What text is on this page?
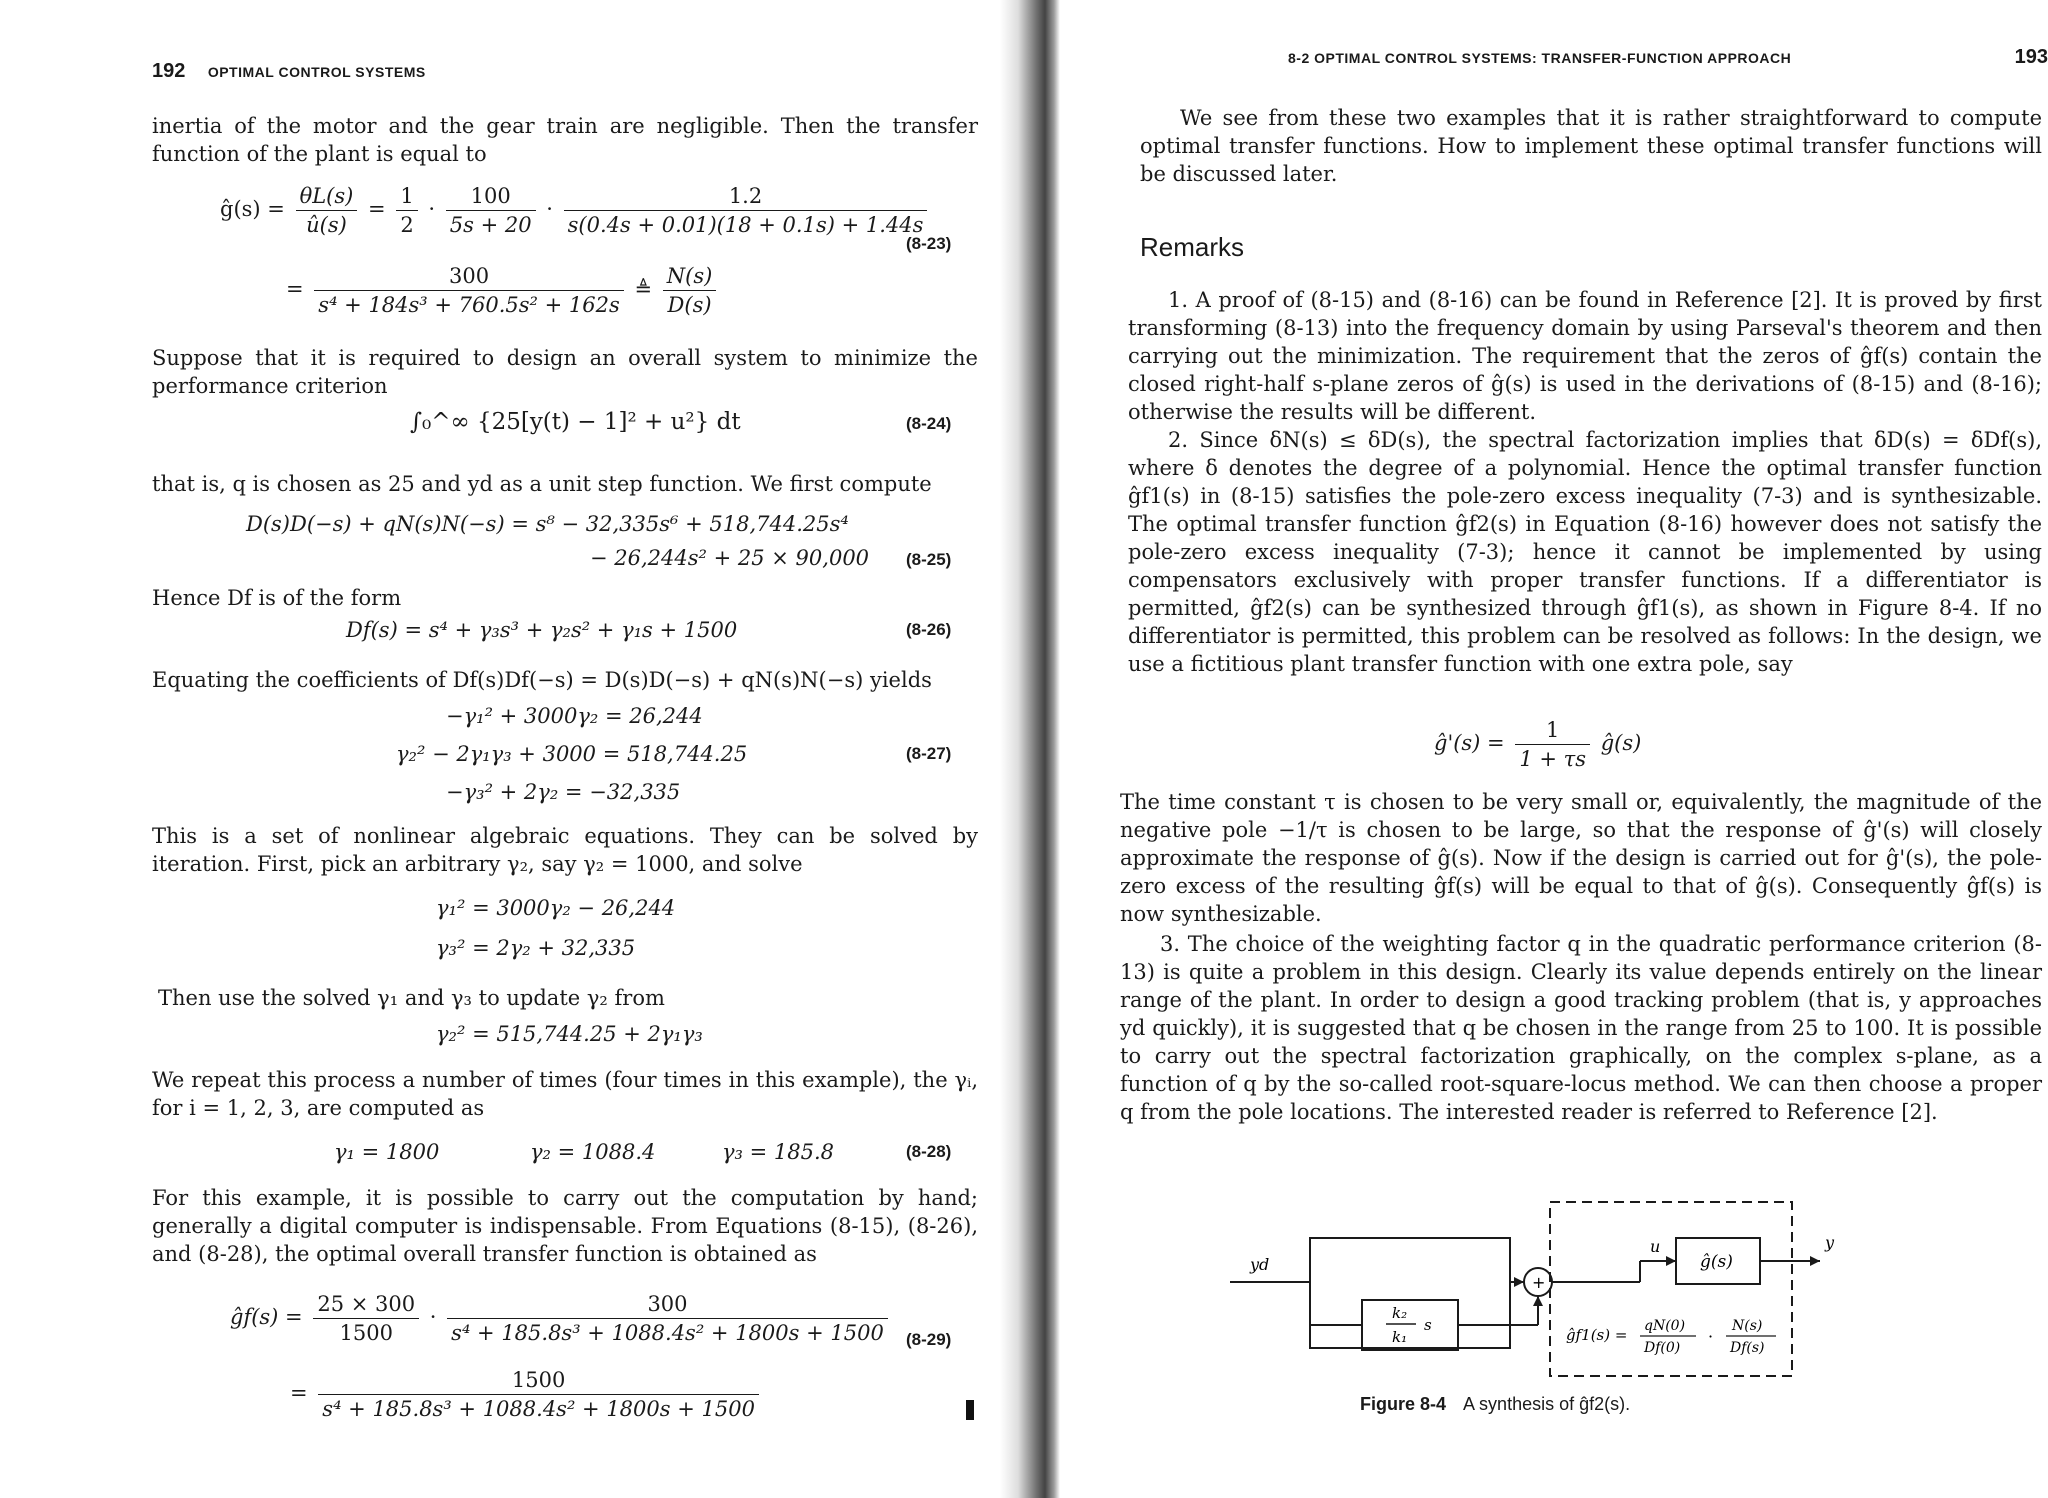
192 OPTIMAL CONTROL SYSTEMS
inertia of the motor and the gear train are negligible. Then the transfer function of the plant is equal to
ĝ(s) = $\frac{\theta L(s)}{û(s)} = \frac{1}{2} \cdot \frac{100}{5s + 20} \cdot \frac{1.2}{s(0.4s + 0.01)(18 + 0.1s) + 1.44s}$
(8-23)
= $\frac{300}{\text{s⁴ + 184s³ + 760.5s² + 162s}}$ ≜ $\frac{N(s)}{D(s)}$
Suppose that it is required to design an overall system to minimize the performance criterion
∫₀^∞ {25[y(t) − 1]² + u²} dt	(8-24)
that is, q is chosen as 25 and yd as a unit step function. We first compute
D(s)D(−s) + qN(s)N(−s) = s⁸ − 32,335s⁶ + 518,744.25s⁴
− 26,244s² + 25 × 90,000 (8-25)
Hence Df is of the form
Df(s) = s⁴ + γ₃s³ + γ₂s² + γ₁s + 1500	(8-26)
Equating the coefficients of Df(s)Df(−s) = D(s)D(−s) + qN(s)N(−s) yields
−γ₁² + 3000γ₂ = 26,244
γ₂² − 2γ₁γ₃ + 3000 = 518,744.25	(8-27)
−γ₃² + 2γ₂ = −32,335
This is a set of nonlinear algebraic equations. They can be solved by iteration. First, pick an arbitrary γ₂, say γ₂ = 1000, and solve
γ₁² = 3000γ₂ − 26,244
γ₃² = 2γ₂ + 32,335
Then use the solved γ₁ and γ₃ to update γ₂ from
γ₂² = 515,744.25 + 2γ₁γ₃
We repeat this process a number of times (four times in this example), the γᵢ, for i = 1, 2, 3, are computed as
γ₁ = 1800	γ₂ = 1088.4	γ₃ = 185.8	(8-28)
For this example, it is possible to carry out the computation by hand; generally a digital computer is indispensable. From Equations (8-15), (8-26), and (8-28), the optimal overall transfer function is obtained as
ĝf(s) = $\frac{25 \times 300}{1500} \cdot \frac{300}{\text{s⁴ + 185.8s³ + 1088.4s² + 1800s + 1500}} (8-29)$
= $\frac{1500}{\text{s⁴ + 185.8s³ + 1088.4s² + 1800s + 1500}}$
8-2 OPTIMAL CONTROL SYSTEMS: TRANSFER-FUNCTION APPROACH	193
We see from these two examples that it is rather straightforward to compute optimal transfer functions. How to implement these optimal transfer functions will be discussed later.
Remarks
1. A proof of (8-15) and (8-16) can be found in Reference [2]. It is proved by first transforming (8-13) into the frequency domain by using Parseval's theorem and then carrying out the minimization. The requirement that the zeros of ĝf(s) contain the closed right-half s-plane zeros of ĝ(s) is used in the derivations of (8-15) and (8-16); otherwise the results will be different.
2. Since δN(s) ≤ δD(s), the spectral factorization implies that δD(s) = δDf(s), where δ denotes the degree of a polynomial. Hence the optimal transfer function ĝf1(s) in (8-15) satisfies the pole-zero excess inequality (7-3) and is synthesizable. The optimal transfer function ĝf2(s) in Equation (8-16) however does not satisfy the pole-zero excess inequality (7-3); hence it cannot be implemented by using compensators exclusively with proper transfer functions. If a differentiator is permitted, ĝf2(s) can be synthesized through ĝf1(s), as shown in Figure 8-4. If no differentiator is permitted, this problem can be resolved as follows: In the design, we use a fictitious plant transfer function with one extra pole, say
ĝ'(s) = $\frac{1}{1 + \tau s}$ ĝ(s)
The time constant τ is chosen to be very small or, equivalently, the magnitude of the negative pole −1/τ is chosen to be large, so that the response of ĝ'(s) will closely approximate the response of ĝ(s). Now if the design is carried out for ĝ'(s), the pole-zero excess of the resulting ĝf(s) will be equal to that of ĝ(s). Consequently ĝf(s) is now synthesizable.
3. The choice of the weighting factor q in the quadratic performance criterion (8-13) is quite a problem in this design. Clearly its value depends entirely on the linear range of the plant. In order to design a good tracking problem (that is, y approaches yd quickly), it is suggested that q be chosen in the range from 25 to 100. It is possible to carry out the spectral factorization graphically, on the complex s-plane, as a function of q by the so-called root-square-locus method. We can then choose a proper q from the pole locations. The interested reader is referred to Reference [2].
yd
u	y
ĝ(s)
+
k₂
k₁
s
ĝf1(s) = qN(0)
Df(0)
·
N(s)
Df(s)
Figure 8-4 A synthesis of ĝf2(s).
